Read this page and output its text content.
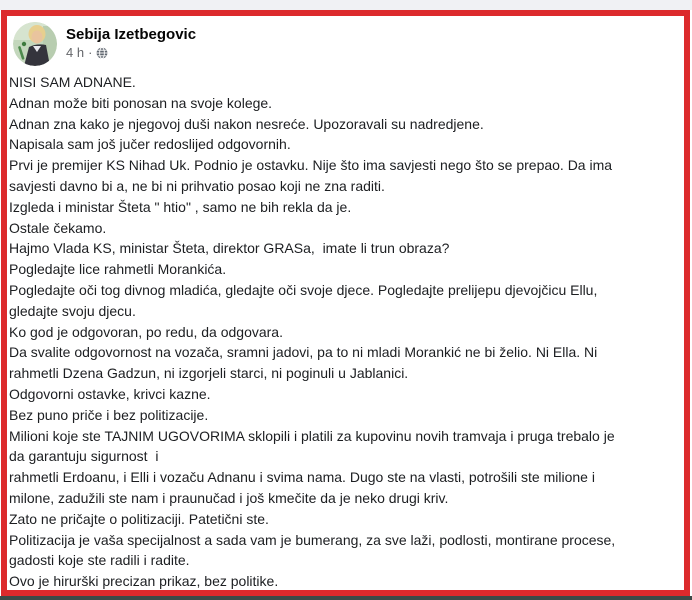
Sebija Izetbegovic
4 h ·
NISI SAM ADNANE.
Adnan može biti ponosan na svoje kolege.
Adnan zna kako je njegovoj duši nakon nesreće. Upozoravali su nadredjene.
Napisala sam još jučer redoslijed odgovornih.
Prvi je premijer KS Nihad Uk. Podnio je ostavku. Nije što ima savjesti nego što se prepao. Da ima
savjesti davno bi a, ne bi ni prihvatio posao koji ne zna raditi.
Izgleda i ministar Šteta " htio" , samo ne bih rekla da je.
Ostale čekamo.
Hajmo Vlada KS, ministar Šteta, direktor GRASa,  imate li trun obraza?
Pogledajte lice rahmetli Morankića.
Pogledajte oči tog divnog mladića, gledajte oči svoje djece. Pogledajte prelijepu djevojčicu Ellu,
gledajte svoju djecu.
Ko god je odgovoran, po redu, da odgovara.
Da svalite odgovornost na vozača, sramni jadovi, pa to ni mladi Morankić ne bi želio. Ni Ella. Ni
rahmetli Dzena Gadzun, ni izgorjeli starci, ni poginuli u Jablanici.
Odgovorni ostavke, krivci kazne.
Bez puno priče i bez politizacije.
Milioni koje ste TAJNIM UGOVORIMA sklopili i platili za kupovinu novih tramvaja i pruga trebalo je
da garantuju sigurnost  i
rahmetli Erdoanu, i Elli i vozaču Adnanu i svima nama. Dugo ste na vlasti, potrošili ste milione i
milone, zadužili ste nam i praunučad i još kmečite da je neko drugi kriv.
Zato ne pričajte o politizaciji. Patetični ste.
Politizacija je vaša specijalnost a sada vam je bumerang, za sve laži, podlosti, montirane procese,
gadosti koje ste radili i radite.
Ovo je hirurški precizan prikaz, bez politike.
